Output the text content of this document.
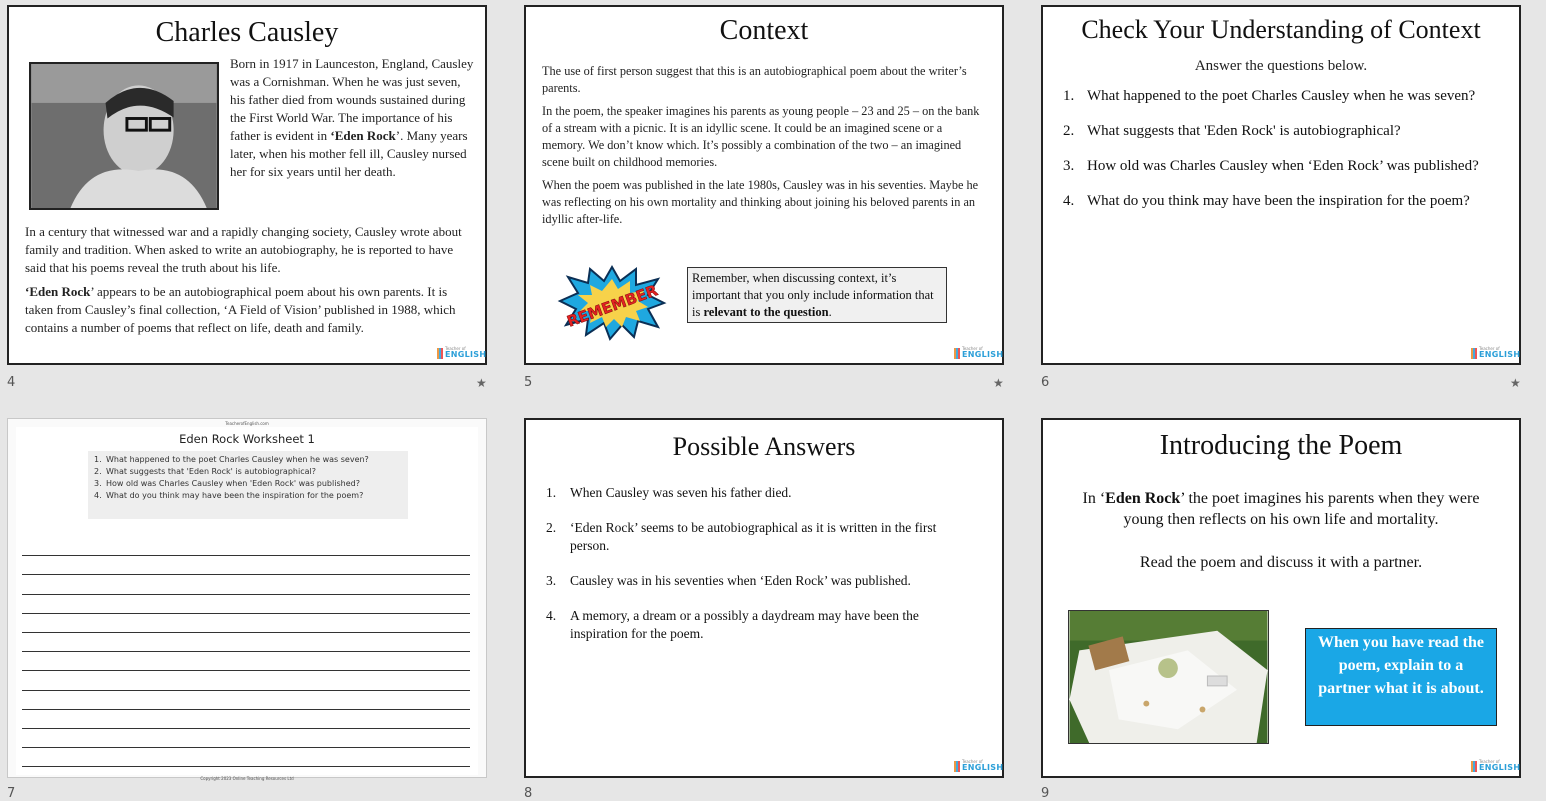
Charles Causley
Born in 1917 in Launceston, England, Causley was a Cornishman. When he was just seven, his father died from wounds sustained during the First World War. The importance of his father is evident in ‘Eden Rock’. Many years later, when his mother fell ill, Causley nursed her for six years until her death.

In a century that witnessed war and a rapidly changing society, Causley wrote about family and tradition. When asked to write an autobiography, he is reported to have said that his poems reveal the truth about his life.

‘Eden Rock’ appears to be an autobiographical poem about his own parents. It is taken from Causley’s final collection, ‘A Field of Vision’ published in 1988, which contains a number of poems that reflect on life, death and family.

Teacher of
ENGLISH
4	★
Context

The use of first person suggest that this is an autobiographical poem about the writer’s parents.

In the poem, the speaker imagines his parents as young people – 23 and 25 – on the bank of a stream with a picnic. It is an idyllic scene. It could be an imagined scene or a memory. We don’t know which. It’s possibly a combination of the two – an imagined scene built on childhood memories.

When the poem was published in the late 1980s, Causley was in his seventies. Maybe he was reflecting on his own mortality and thinking about joining his beloved parents in an idyllic after-life.

REMEMBER
Remember, when discussing context, it’s important that you only include information that is relevant to the question.
Teacher of
ENGLISH
5	★
Check Your Understanding of Context
Answer the questions below.
1. What happened to the poet Charles Causley when he was seven?
2. What suggests that 'Eden Rock' is autobiographical?
3. How old was Charles Causley when ‘Eden Rock’ was published?
4. What do you think may have been the inspiration for the poem?
Teacher of
ENGLISH
6	★
TeacherofEnglish.com
Eden Rock Worksheet 1
1. What happened to the poet Charles Causley when he was seven?
2. What suggests that 'Eden Rock' is autobiographical?
3. How old was Charles Causley when 'Eden Rock' was published?
4. What do you think may have been the inspiration for the poem?
Copyright 2023 Online Teaching Resources Ltd
7
Possible Answers
1.	When Causley was seven his father died.
2.	‘Eden Rock’ seems to be autobiographical as it is written in the first person.
3.	Causley was in his seventies when ‘Eden Rock’ was published.
4.	A memory, a dream or a possibly a daydream may have been the inspiration for the poem.
Teacher of
ENGLISH
8
Introducing the Poem

In ‘Eden Rock’ the poet imagines his parents when they were young then reflects on his own life and mortality.

Read the poem and discuss it with a partner.

When you have read the poem, explain to a partner what it is about.
Teacher of
ENGLISH
9
